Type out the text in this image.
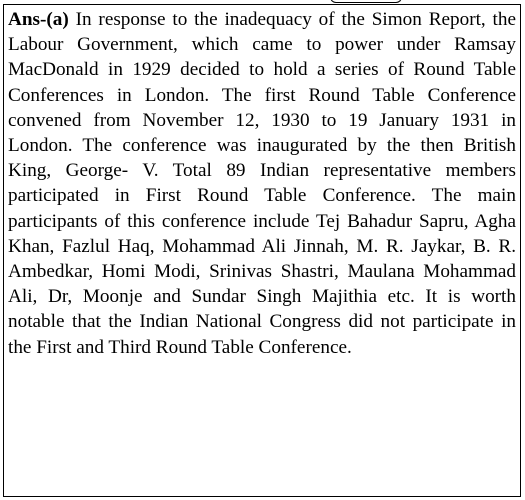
Ans-(a) In response to the inadequacy of the Simon Report, the Labour Government, which came to power under Ramsay MacDonald in 1929 decided to hold a series of Round Table Conferences in London. The first Round Table Conference convened from November 12, 1930 to 19 January 1931 in London. The conference was inaugurated by the then British King, George- V. Total 89 Indian representative members participated in First Round Table Conference. The main participants of this conference include Tej Bahadur Sapru, Agha Khan, Fazlul Haq, Mohammad Ali Jinnah, M. R. Jaykar, B. R. Ambedkar, Homi Modi, Srinivas Shastri, Maulana Mohammad Ali, Dr, Moonje and Sundar Singh Majithia etc. It is worth notable that the Indian National Congress did not participate in the First and Third Round Table Conference.
